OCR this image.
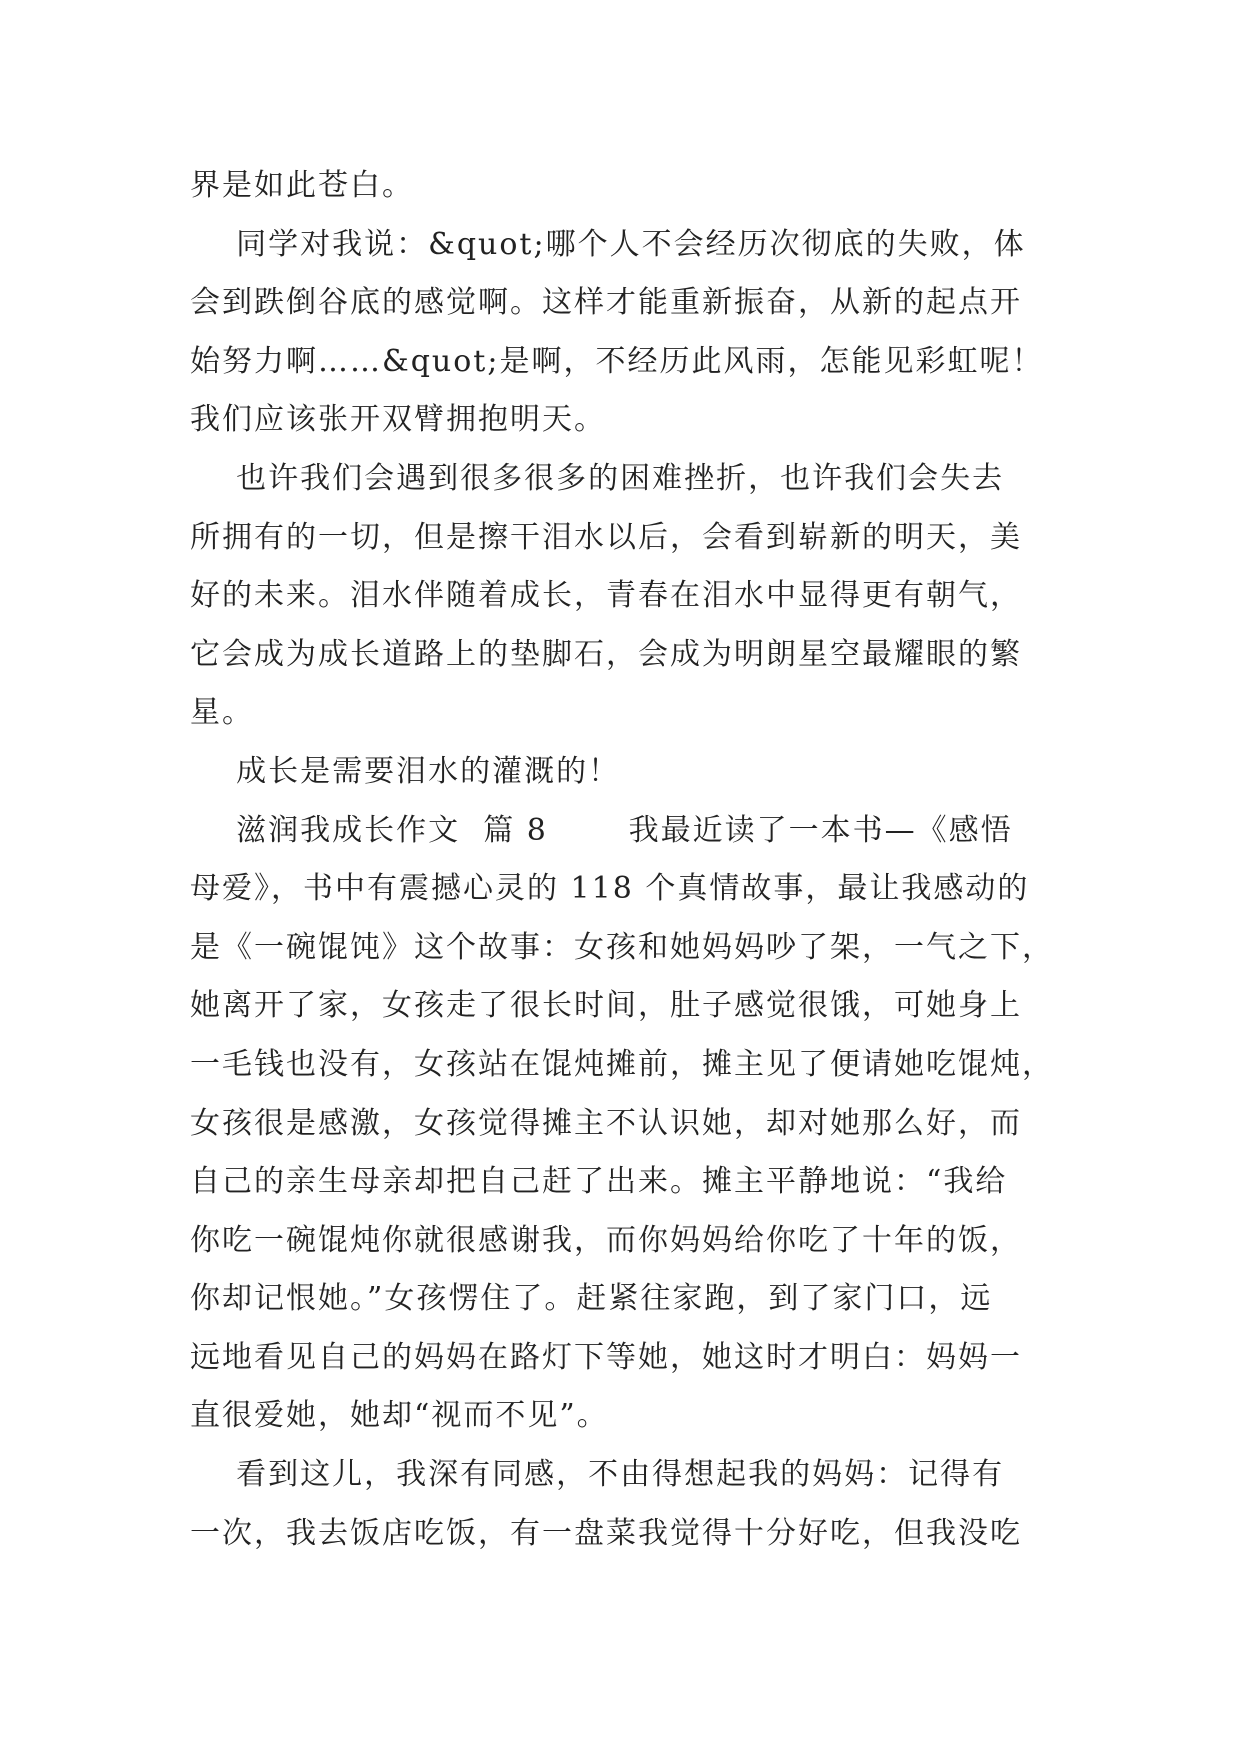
界是如此苍白。
同学对我说：&quot;哪个人不会经历次彻底的失败，体
会到跌倒谷底的感觉啊。这样才能重新振奋，从新的起点开
始努力啊……&quot;是啊，不经历此风雨，怎能见彩虹呢！
我们应该张开双臂拥抱明天。
也许我们会遇到很多很多的困难挫折，也许我们会失去
所拥有的一切，但是擦干泪水以后，会看到崭新的明天，美
好的未来。泪水伴随着成长，青春在泪水中显得更有朝气，
它会成为成长道路上的垫脚石，会成为明朗星空最耀眼的繁
星。
成长是需要泪水的灌溉的！
滋润我成长作文  篇 8       我最近读了一本书—《感悟
母爱》，书中有震撼心灵的 118 个真情故事，最让我感动的
是《一碗馄饨》这个故事：女孩和她妈妈吵了架，一气之下，
她离开了家，女孩走了很长时间，肚子感觉很饿，可她身上
一毛钱也没有，女孩站在馄炖摊前，摊主见了便请她吃馄炖，
女孩很是感激，女孩觉得摊主不认识她，却对她那么好，而
自己的亲生母亲却把自己赶了出来。摊主平静地说：“我给
你吃一碗馄炖你就很感谢我，而你妈妈给你吃了十年的饭，
你却记恨她。”女孩愣住了。赶紧往家跑，到了家门口，远
远地看见自己的妈妈在路灯下等她，她这时才明白：妈妈一
直很爱她，她却“视而不见”。
看到这儿，我深有同感，不由得想起我的妈妈：记得有
一次，我去饭店吃饭，有一盘菜我觉得十分好吃，但我没吃
